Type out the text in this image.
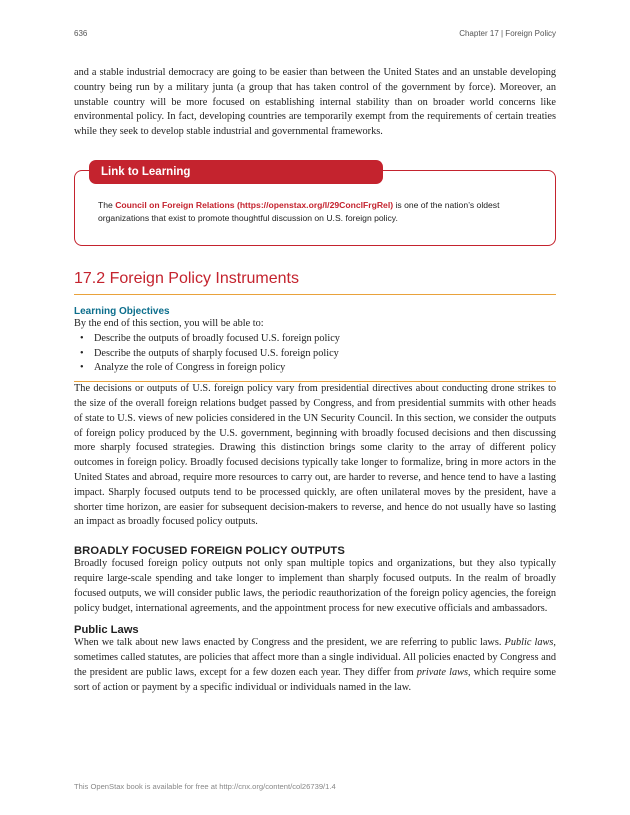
636	Chapter 17 | Foreign Policy

and a stable industrial democracy are going to be easier than between the United States and an unstable developing country being run by a military junta (a group that has taken control of the government by force). Moreover, an unstable country will be more focused on establishing internal stability than on broader world concerns like environmental policy. In fact, developing countries are temporarily exempt from the requirements of certain treaties while they seek to develop stable industrial and governmental frameworks.

Link to Learning
The Council on Foreign Relations (https://openstax.org/l/29ConclFrgRel) is one of the nation’s oldest organizations that exist to promote thoughtful discussion on U.S. foreign policy.
17.2 Foreign Policy Instruments
Learning Objectives

By the end of this section, you will be able to:

• Describe the outputs of broadly focused U.S. foreign policy
• Describe the outputs of sharply focused U.S. foreign policy
• Analyze the role of Congress in foreign policy

The decisions or outputs of U.S. foreign policy vary from presidential directives about conducting drone strikes to the size of the overall foreign relations budget passed by Congress, and from presidential summits with other heads of state to U.S. views of new policies considered in the UN Security Council. In this section, we consider the outputs of foreign policy produced by the U.S. government, beginning with broadly focused decisions and then discussing more sharply focused strategies. Drawing this distinction brings some clarity to the array of different policy outcomes in foreign policy. Broadly focused decisions typically take longer to formalize, bring in more actors in the United States and abroad, require more resources to carry out, are harder to reverse, and hence tend to have a lasting impact. Sharply focused outputs tend to be processed quickly, are often unilateral moves by the president, have a shorter time horizon, are easier for subsequent decision-makers to reverse, and hence do not usually have so lasting an impact as broadly focused policy outputs.

BROADLY FOCUSED FOREIGN POLICY OUTPUTS

Broadly focused foreign policy outputs not only span multiple topics and organizations, but they also typically require large-scale spending and take longer to implement than sharply focused outputs. In the realm of broadly focused outputs, we will consider public laws, the periodic reauthorization of the foreign policy agencies, the foreign policy budget, international agreements, and the appointment process for new executive officials and ambassadors.

Public Laws

When we talk about new laws enacted by Congress and the president, we are referring to public laws. Public laws, sometimes called statutes, are policies that affect more than a single individual. All policies enacted by Congress and the president are public laws, except for a few dozen each year. They differ from private laws, which require some sort of action or payment by a specific individual or individuals named in the law.

This OpenStax book is available for free at http://cnx.org/content/col26739/1.4
